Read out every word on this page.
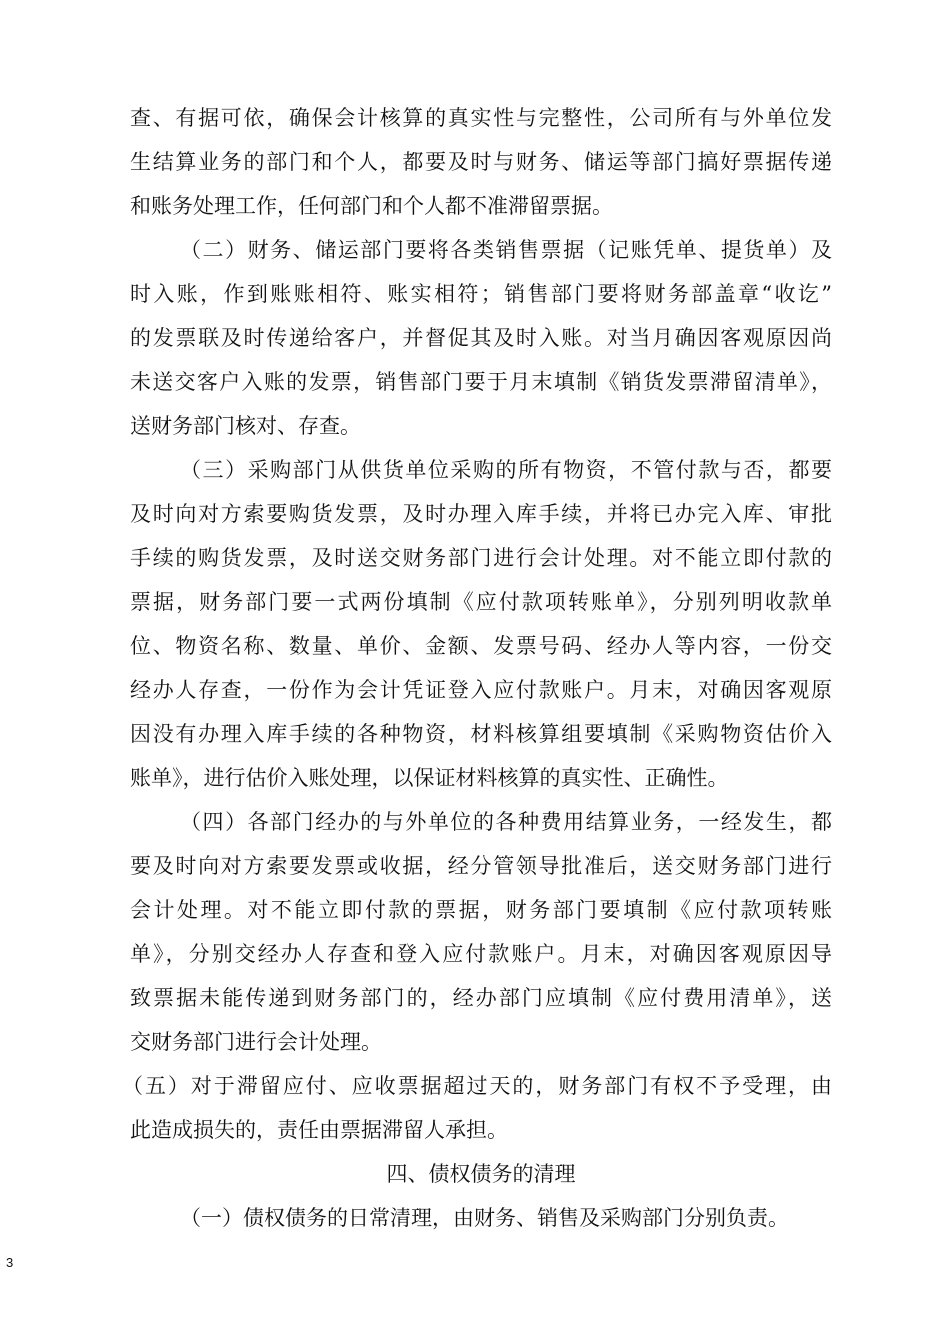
查、有据可依，确保会计核算的真实性与完整性，公司所有与外单位发
生结算业务的部门和个人，都要及时与财务、储运等部门搞好票据传递
和账务处理工作，任何部门和个人都不准滞留票据。
（二）财务、储运部门要将各类销售票据（记账凭单、提货单）及
时入账，作到账账相符、账实相符；销售部门要将财务部盖章“收讫”
的发票联及时传递给客户，并督促其及时入账。对当月确因客观原因尚
未送交客户入账的发票，销售部门要于月末填制《销货发票滞留清单》，
送财务部门核对、存查。
（三）采购部门从供货单位采购的所有物资，不管付款与否，都要
及时向对方索要购货发票，及时办理入库手续，并将已办完入库、审批
手续的购货发票，及时送交财务部门进行会计处理。对不能立即付款的
票据，财务部门要一式两份填制《应付款项转账单》，分别列明收款单
位、物资名称、数量、单价、金额、发票号码、经办人等内容，一份交
经办人存查，一份作为会计凭证登入应付款账户。月末，对确因客观原
因没有办理入库手续的各种物资，材料核算组要填制《采购物资估价入
账单》，进行估价入账处理，以保证材料核算的真实性、正确性。
（四）各部门经办的与外单位的各种费用结算业务，一经发生，都
要及时向对方索要发票或收据，经分管领导批准后，送交财务部门进行
会计处理。对不能立即付款的票据，财务部门要填制《应付款项转账
单》，分别交经办人存查和登入应付款账户。月末，对确因客观原因导
致票据未能传递到财务部门的，经办部门应填制《应付费用清单》，送
交财务部门进行会计处理。
（五）对于滞留应付、应收票据超过天的，财务部门有权不予受理，由
此造成损失的，责任由票据滞留人承担。
四、债权债务的清理
（一）债权债务的日常清理，由财务、销售及采购部门分别负责。
3
